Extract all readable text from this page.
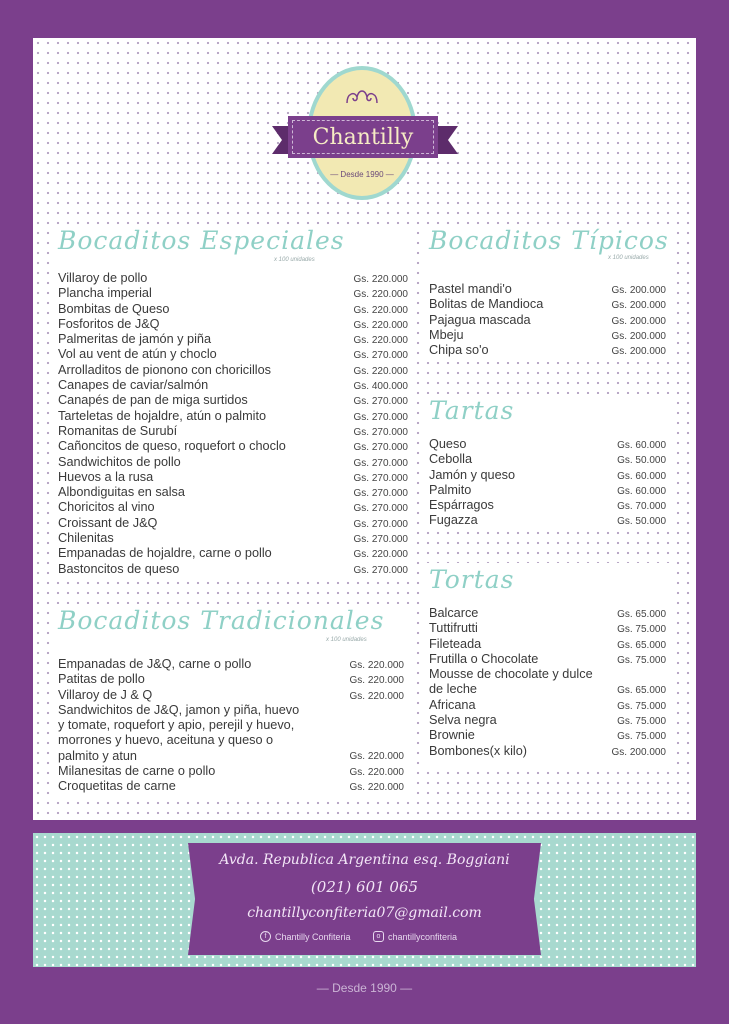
Chantilly
— Desde 1990 —
Bocaditos Especiales
x 100 unidades
Villaroy de pollo	Gs. 220.000
Plancha imperial	Gs. 220.000
Bombitas de Queso	Gs. 220.000
Fosforitos de J&Q	Gs. 220.000
Palmeritas de jamón y piña	Gs. 220.000
Vol au vent de atún y choclo	Gs. 270.000
Arrolladitos de pionono con choricillos	Gs. 220.000
Canapes de caviar/salmón	Gs. 400.000
Canapés de pan de miga surtidos	Gs. 270.000
Tarteletas de hojaldre, atún o palmito	Gs. 270.000
Romanitas de Surubí	Gs. 270.000
Cañoncitos de queso, roquefort o choclo	Gs. 270.000
Sandwichitos de pollo	Gs. 270.000
Huevos a la rusa	Gs. 270.000
Albondiguitas en salsa	Gs. 270.000
Choricitos al vino	Gs. 270.000
Croissant de J&Q	Gs. 270.000
Chilenitas	Gs. 270.000
Empanadas de hojaldre, carne o pollo	Gs. 220.000
Bastoncitos de queso	Gs. 270.000
Bocaditos Tradicionales
x 100 unidades
Empanadas de J&Q, carne o pollo	Gs. 220.000
Patitas de pollo	Gs. 220.000
Villaroy de J & Q	Gs. 220.000
Sandwichitos de J&Q, jamon y piña, huevo y tomate, roquefort y apio, perejil y huevo, morrones y huevo, aceituna y queso o palmito y atun	Gs. 220.000
Milanesitas de carne o pollo	Gs. 220.000
Croquetitas de carne	Gs. 220.000
Bocaditos Típicos
x 100 unidades
Pastel mandi'o	Gs. 200.000
Bolitas de Mandioca	Gs. 200.000
Pajagua mascada	Gs. 200.000
Mbeju	Gs. 200.000
Chipa so'o	Gs. 200.000
Tartas
Queso	Gs. 60.000
Cebolla	Gs. 50.000
Jamón y queso	Gs. 60.000
Palmito	Gs. 60.000
Espárragos	Gs. 70.000
Fugazza	Gs. 50.000
Tortas
Balcarce	Gs. 65.000
Tuttifrutti	Gs. 75.000
Fileteada	Gs. 65.000
Frutilla o Chocolate	Gs. 75.000
Mousse de chocolate y dulce de leche	Gs. 65.000
Africana	Gs. 75.000
Selva negra	Gs. 75.000
Brownie	Gs. 75.000
Bombones(x kilo)	Gs. 200.000
Avda. Republica Argentina esq. Boggiani
(021) 601 065
chantillyconfiteria07@gmail.com
f Chantilly Confiteria	o chantillyconfiteria
— Desde 1990 —
